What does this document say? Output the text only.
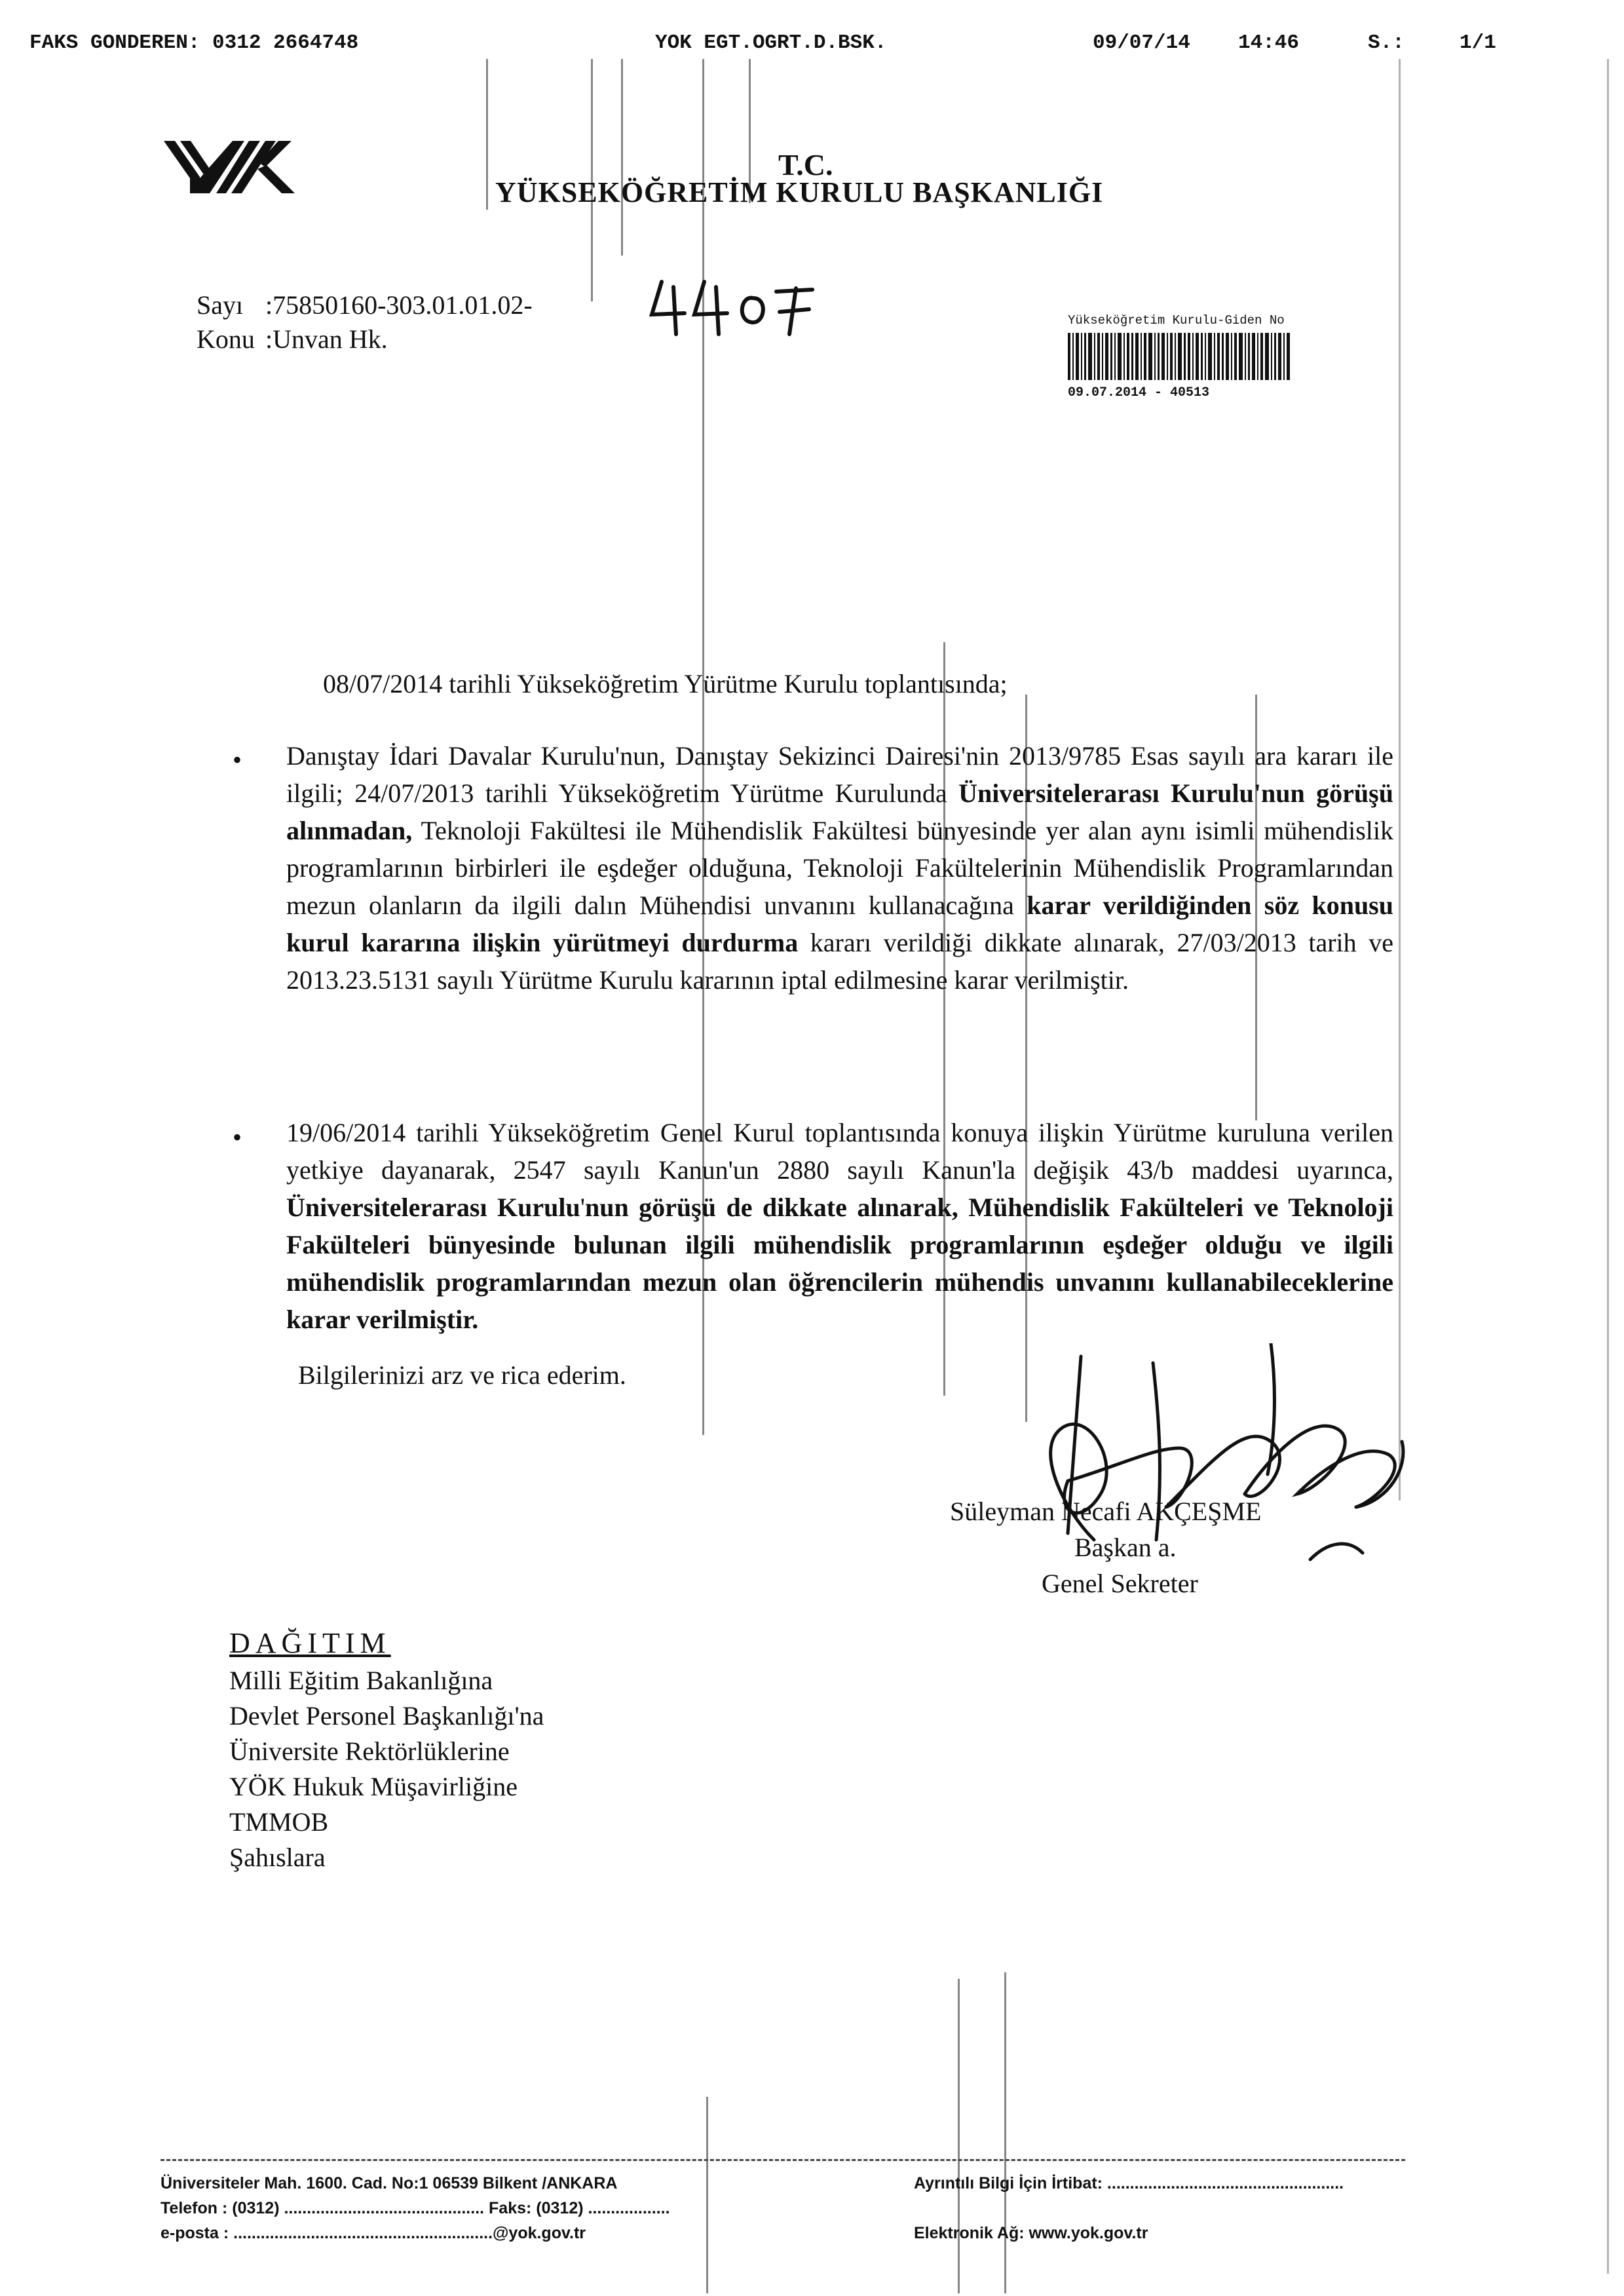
FAKS GONDEREN: 0312 2664748	YOK EGT.OGRT.D.BSK.	09/07/14 14:46	S.:	1/1
T.C.
YÜKSEKÖĞRETİM KURULU BAŞKANLIĞI
Sayı :75850160-303.01.01.02-
Konu :Unvan Hk.
Yükseköğretim Kurulu-Giden No
09.07.2014 - 40513
08/07/2014 tarihli Yükseköğretim Yürütme Kurulu toplantısında;
• Danıştay İdari Davalar Kurulu'nun, Danıştay Sekizinci Dairesi'nin 2013/9785 Esas sayılı ara kararı ile ilgili; 24/07/2013 tarihli Yükseköğretim Yürütme Kurulunda Üniversitelerarası Kurulu'nun görüşü alınmadan, Teknoloji Fakültesi ile Mühendislik Fakültesi bünyesinde yer alan aynı isimli mühendislik programlarının birbirleri ile eşdeğer olduğuna, Teknoloji Fakültelerinin Mühendislik Programlarından mezun olanların da ilgili dalın Mühendisi unvanını kullanacağına karar verildiğinden söz konusu kurul kararına ilişkin yürütmeyi durdurma kararı verildiği dikkate alınarak, 27/03/2013 tarih ve 2013.23.5131 sayılı Yürütme Kurulu kararının iptal edilmesine karar verilmiştir.
• 19/06/2014 tarihli Yükseköğretim Genel Kurul toplantısında konuya ilişkin Yürütme kuruluna verilen yetkiye dayanarak, 2547 sayılı Kanun'un 2880 sayılı Kanun'la değişik 43/b maddesi uyarınca, Üniversitelerarası Kurulu'nun görüşü de dikkate alınarak, Mühendislik Fakülteleri ve Teknoloji Fakülteleri bünyesinde bulunan ilgili mühendislik programlarının eşdeğer olduğu ve ilgili mühendislik programlarından mezun olan öğrencilerin mühendis unvanını kullanabileceklerine karar verilmiştir.
Bilgilerinizi arz ve rica ederim.
Süleyman Necafi AKÇEŞME
Başkan a.
Genel Sekreter
DAĞITIM
Milli Eğitim Bakanlığına
Devlet Personel Başkanlığı'na
Üniversite Rektörlüklerine
YÖK Hukuk Müşavirliğine
TMMOB
Şahıslara
Üniversiteler Mah. 1600. Cad. No:1 06539 Bilkent /ANKARA
Telefon : (0312) ............................................ Faks: (0312) ..................
e-posta : .........................................................@yok.gov.tr
Ayrıntılı Bilgi İçin İrtibat: ....................................................
Elektronik Ağ: www.yok.gov.tr
